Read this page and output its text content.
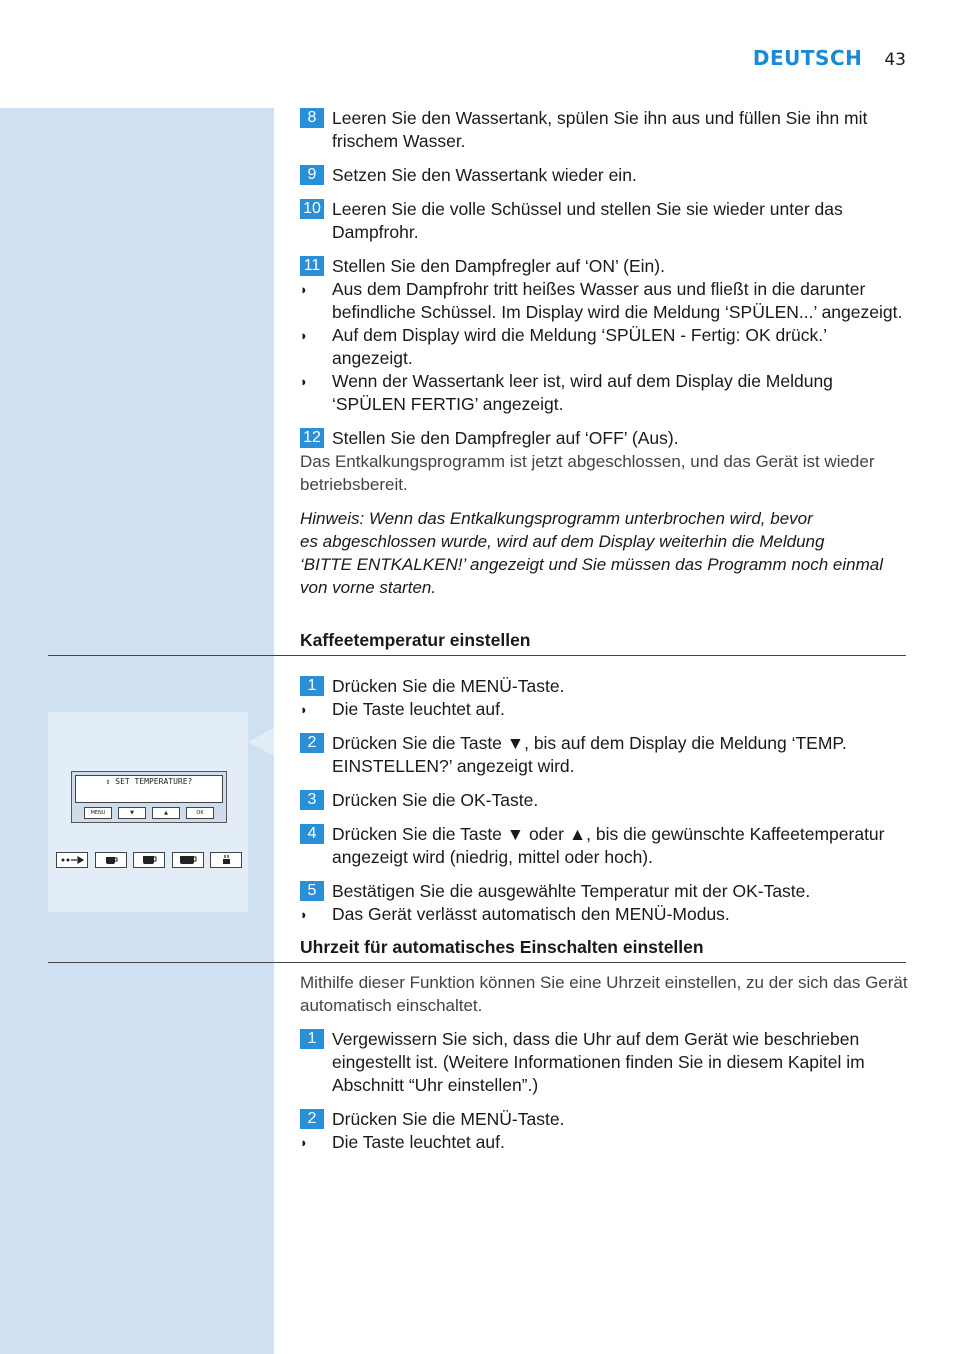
DEUTSCH 43
8 Leeren Sie den Wassertank, spülen Sie ihn aus und füllen Sie ihn mit frischem Wasser.
9 Setzen Sie den Wassertank wieder ein.
10 Leeren Sie die volle Schüssel und stellen Sie sie wieder unter das Dampfrohr.
11 Stellen Sie den Dampfregler auf ‘ON’ (Ein).
◗	Aus dem Dampfrohr tritt heißes Wasser aus und fließt in die darunter befindliche Schüssel. Im Display wird die Meldung ‘SPÜLEN...’ angezeigt.
◗	Auf dem Display wird die Meldung ‘SPÜLEN - Fertig: OK drück.’ angezeigt.
◗	Wenn der Wassertank leer ist, wird auf dem Display die Meldung ‘SPÜLEN FERTIG’ angezeigt.
12 Stellen Sie den Dampfregler auf ‘OFF’ (Aus).
Das Entkalkungsprogramm ist jetzt abgeschlossen, und das Gerät ist wieder betriebsbereit.
Hinweis: Wenn das Entkalkungsprogramm unterbrochen wird, bevor
es abgeschlossen wurde, wird auf dem Display weiterhin die Meldung
‘BITTE ENTKALKEN!’ angezeigt und Sie müssen das Programm noch einmal
von vorne starten.
Kaffeetemperatur einstellen
1 Drücken Sie die MENÜ-Taste.
◗	Die Taste leuchtet auf.
2 Drücken Sie die Taste ▼, bis auf dem Display die Meldung ‘TEMP. EINSTELLEN?’ angezeigt wird.
3 Drücken Sie die OK-Taste.
4 Drücken Sie die Taste ▼ oder ▲, bis die gewünschte Kaffeetemperatur angezeigt wird (niedrig, mittel oder hoch).
5 Bestätigen Sie die ausgewählte Temperatur mit der OK-Taste.
◗	Das Gerät verlässt automatisch den MENÜ-Modus.
⇕ SET TEMPERATURE?
MENU	▼	▲	OK
Uhrzeit für automatisches Einschalten einstellen
Mithilfe dieser Funktion können Sie eine Uhrzeit einstellen, zu der sich das Gerät automatisch einschaltet.
1 Vergewissern Sie sich, dass die Uhr auf dem Gerät wie beschrieben eingestellt ist. (Weitere Informationen finden Sie in diesem Kapitel im Abschnitt “Uhr einstellen”.)
2 Drücken Sie die MENÜ-Taste.
◗	Die Taste leuchtet auf.
